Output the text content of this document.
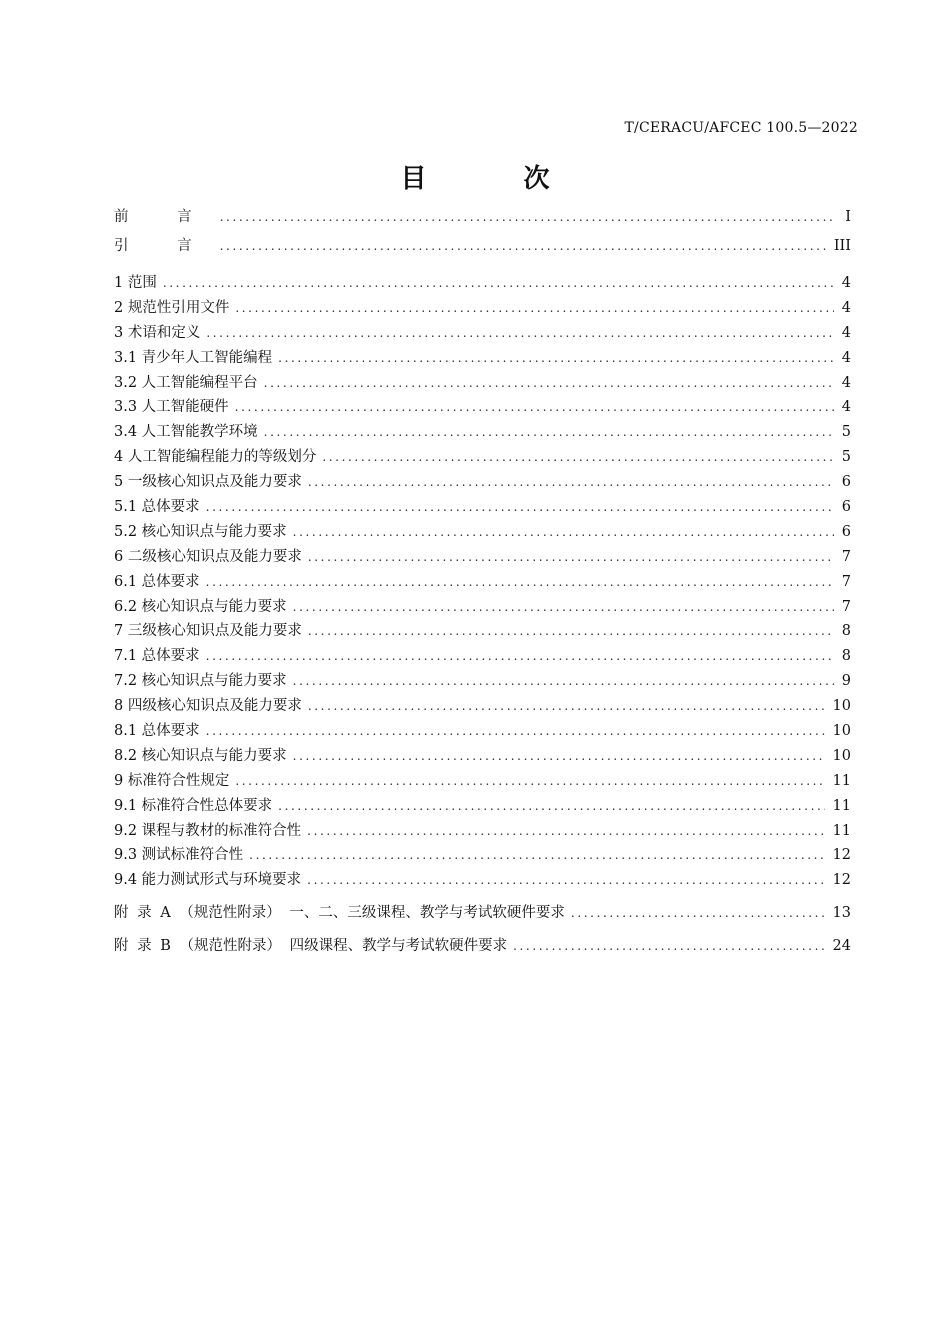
T/CERACU/AFCEC 100.5—2022
目 次
前 言 .....	I
引 言 .....	III
1 范围 .....	4
2 规范性引用文件 .....	4
3 术语和定义 .....	4
3.1 青少年人工智能编程 .....	4
3.2 人工智能编程平台 .....	4
3.3 人工智能硬件 .....	4
3.4 人工智能教学环境 .....	5
4 人工智能编程能力的等级划分 .....	5
5 一级核心知识点及能力要求 .....	6
5.1 总体要求 .....	6
5.2 核心知识点与能力要求 .....	6
6 二级核心知识点及能力要求 .....	7
6.1 总体要求 .....	7
6.2 核心知识点与能力要求 .....	7
7 三级核心知识点及能力要求 .....	8
7.1 总体要求 .....	8
7.2 核心知识点与能力要求 .....	9
8 四级核心知识点及能力要求 .....	10
8.1 总体要求 .....	10
8.2 核心知识点与能力要求 .....	10
9 标准符合性规定 .....	11
9.1 标准符合性总体要求 .....	11
9.2 课程与教材的标准符合性 .....	11
9.3 测试标准符合性 .....	12
9.4 能力测试形式与环境要求 .....	12
附 录 A （规范性附录） 一、二、三级课程、教学与考试软硬件要求 .....	13
附 录 B （规范性附录） 四级课程、教学与考试软硬件要求 .....	24
